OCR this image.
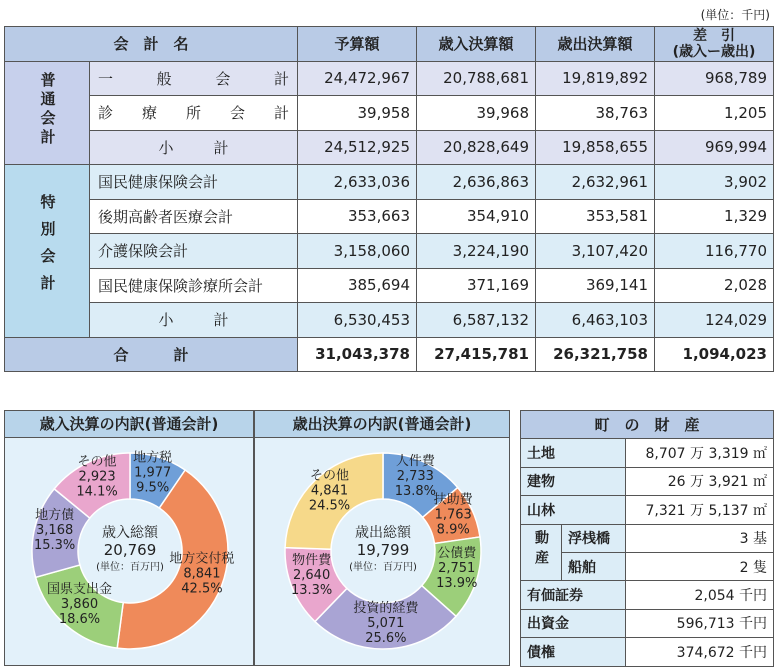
(単位：千円)
会　計　名		予算額	歳入決算額	歳出決算額	差　引
(歳入ー歳出)

普通会計	一 般 会 計	24,472,967	20,788,681	19,819,892	968,789

	診 療 所 会 計	39,958	39,968	38,763	1,205
	小計	24,512,925	20,828,649	19,858,655	969,994
特別会計	国民健康保険会計	2,633,036	2,636,863	2,632,961	3,902
	後期高齢者医療会計	353,663	354,910	353,581	1,329
	介護保険会計	3,158,060	3,224,190	3,107,420	116,770
	国民健康保険診療所会計	385,694	371,169	369,141	2,028
	小計	6,530,453	6,587,132	6,463,103	124,029
合　　　計		31,043,378	27,415,781	26,321,758	1,094,023
歳入決算の内訳(普通会計)
地方税 1,977 9.5%
地方交付税 8,841 42.5%
国県支出金 3,860 18.6%
地方債 3,168 15.3%
その他 2,923 14.1%
歳入総額
20,769
(単位：百万円)
歳出決算の内訳(普通会計)
人件費 2,733 13.8%
扶助費 1,763 8.9%
公債費 2,751 13.9%
投資的経費 5,071 25.6%
物件費 2,640 13.3%
その他 4,841 24.5%
歳出総額
19,799
(単位：百万円)
町　の　財　産		

土地		8,707 万 3,319 ㎡

建物		26 万 3,921 ㎡

山林		7,321 万 5,137 ㎡
動産	浮桟橋	3 基
	船舶	2 隻
有価証券		2,054 千円
出資金		596,713 千円
債権		374,672 千円
